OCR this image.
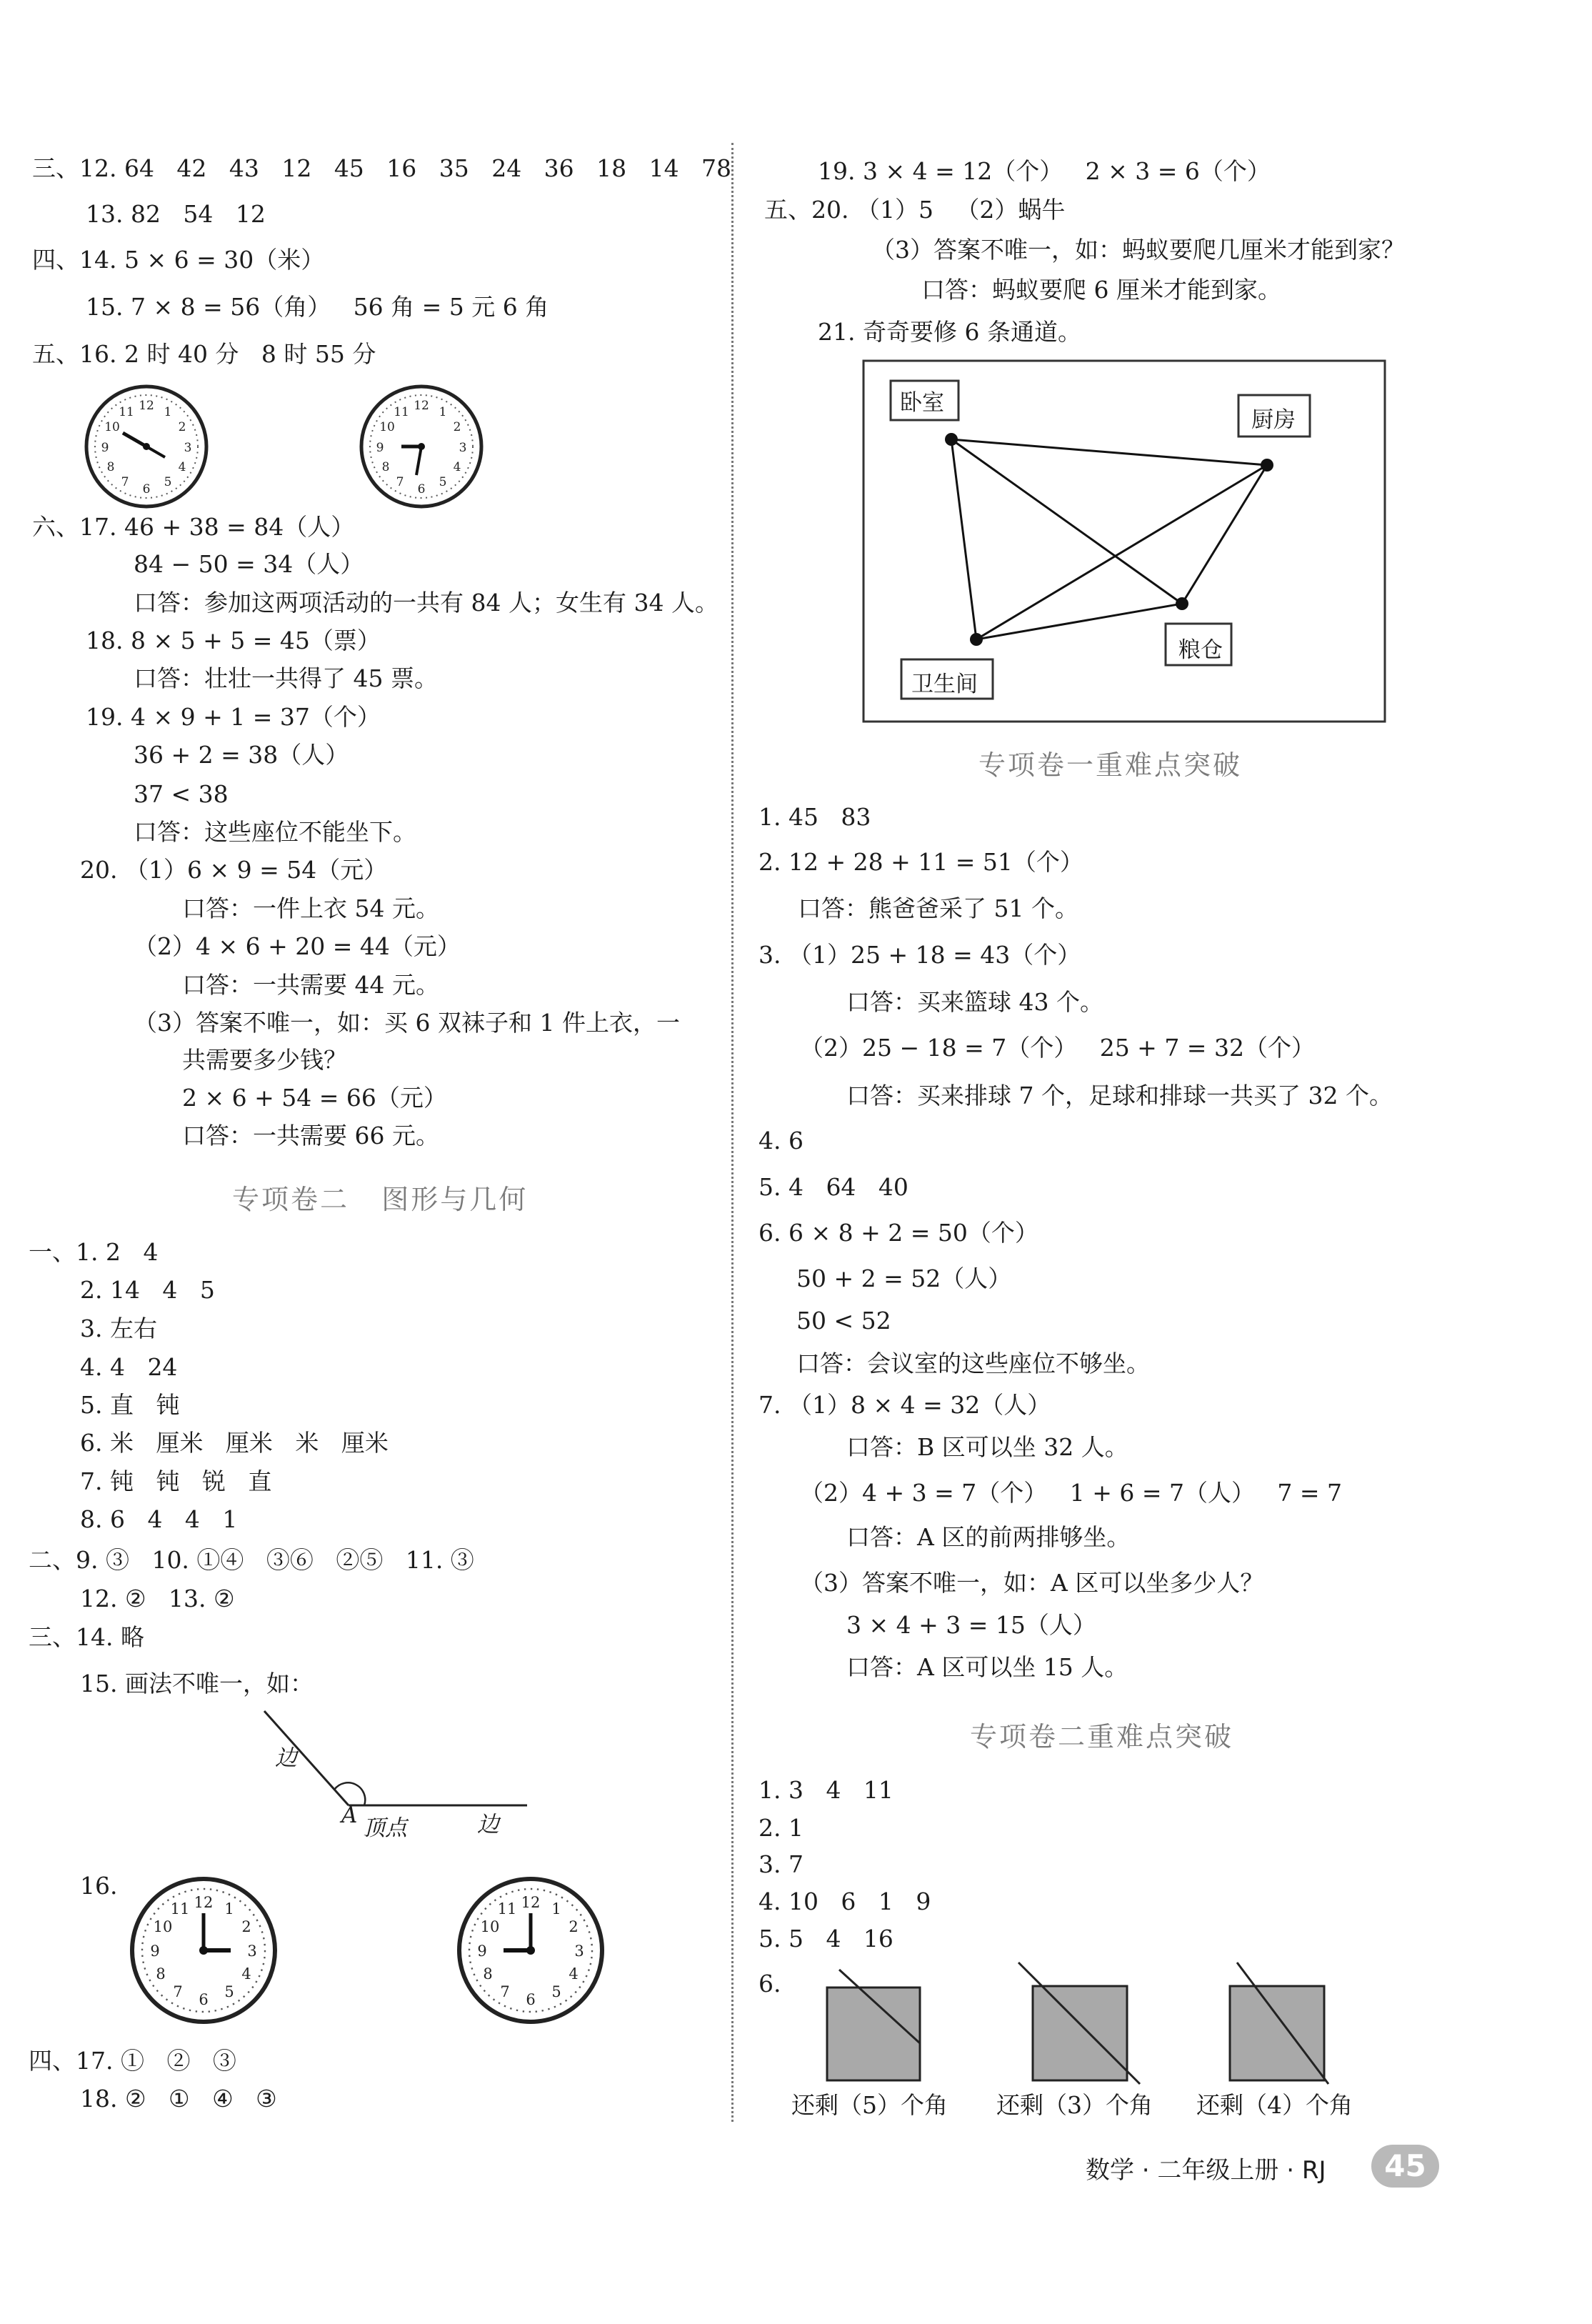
三、12. 64   42   43   12   45   16   35   24   36   18   14   78
13. 82   54   12
四、14. 5 × 6 = 30（米）
15. 7 × 8 = 56（角）   56 角 = 5 元 6 角
五、16. 2 时 40 分   8 时 55 分
12 1
2
3
4
5
6
7
8
9
10
11	12 1
2
3
4
5
6
7
8
9
10
11
六、17. 46 + 38 = 84（人）
84 − 50 = 34（人）
口答：参加这两项活动的一共有 84 人；女生有 34 人。
18. 8 × 5 + 5 = 45（票）
口答：壮壮一共得了 45 票。
19. 4 × 9 + 1 = 37（个）
36 + 2 = 38（人）
37 < 38
口答：这些座位不能坐下。
20. （1）6 × 9 = 54（元）
口答：一件上衣 54 元。
（2）4 × 6 + 20 = 44（元）
口答：一共需要 44 元。
（3）答案不唯一，如：买 6 双袜子和 1 件上衣，一
共需要多少钱？
2 × 6 + 54 = 66（元）
口答：一共需要 66 元。
专项卷二   图形与几何
一、1. 2   4
2. 14   4   5
3. 左右
4. 4   24
5. 直   钝
6. 米   厘米   厘米   米   厘米
7. 钝   钝   锐   直
8. 6   4   4   1
二、9. ③   10. ①④   ③⑥   ②⑤   11. ③
12. ②   13. ②
三、14. 略
15. 画法不唯一，如：
边
A 顶点	边
16.
12 1
2
3
4
5
6
7
8
9
10
11	12 1
2
3
4
5
6
7
8
9
10
11
四、17. ①   ②   ③
18. ②   ①   ④   ③
19. 3 × 4 = 12（个）   2 × 3 = 6（个）
五、20. （1）5   （2）蜗牛
（3）答案不唯一，如：蚂蚁要爬几厘米才能到家？
口答：蚂蚁要爬 6 厘米才能到家。
21. 奇奇要修 6 条通道。
卧室
厨房
粮仓
卫生间
专项卷一重难点突破
1. 45   83
2. 12 + 28 + 11 = 51（个）
口答：熊爸爸采了 51 个。
3. （1）25 + 18 = 43（个）
口答：买来篮球 43 个。
（2）25 − 18 = 7（个）   25 + 7 = 32（个）
口答：买来排球 7 个，足球和排球一共买了 32 个。
4. 6
5. 4   64   40
6. 6 × 8 + 2 = 50（个）
50 + 2 = 52（人）
50 < 52
口答：会议室的这些座位不够坐。
7. （1）8 × 4 = 32（人）
口答：B 区可以坐 32 人。
（2）4 + 3 = 7（个）   1 + 6 = 7（人）   7 = 7
口答：A 区的前两排够坐。
（3）答案不唯一，如：A 区可以坐多少人？
3 × 4 + 3 = 15（人）
口答：A 区可以坐 15 人。
专项卷二重难点突破
1. 3   4   11
2. 1
3. 7
4. 10   6   1   9
5. 5   4   16
6.
还剩（5）个角 还剩（3）个角 还剩（4）个角
数学 · 二年级上册 · RJ	45
